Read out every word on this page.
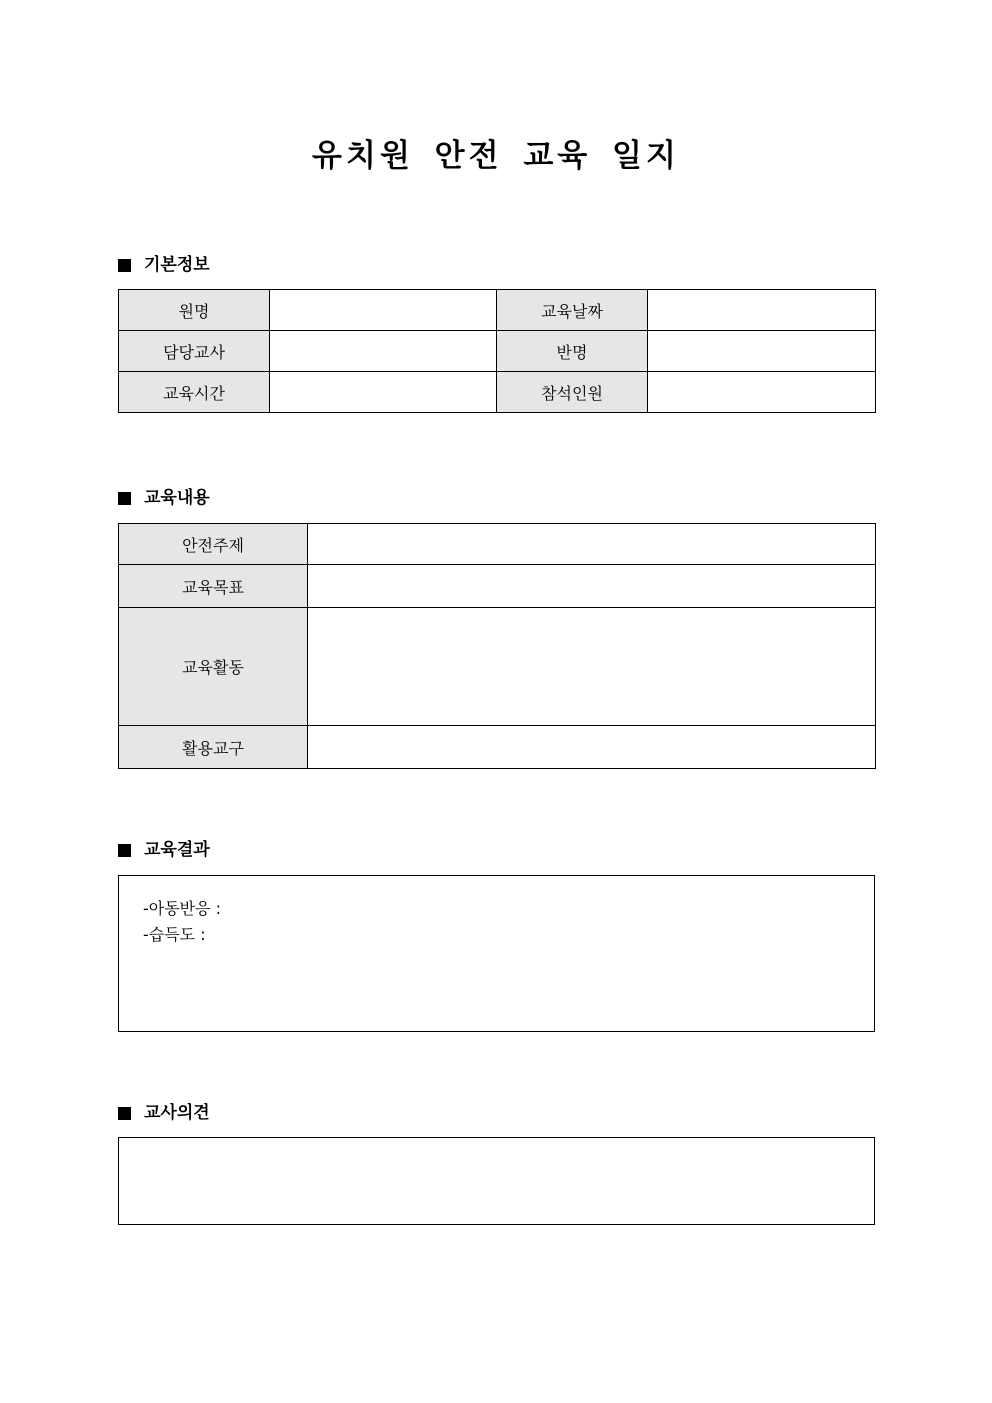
유치원 안전 교육 일지
기본정보
원명		교육날짜	
담당교사		반명	
교육시간		참석인원	
교육내용
안전주제	
교육목표	
교육활동	
활용교구	
교육결과
-아동반응 :
-습득도 :
교사의견
